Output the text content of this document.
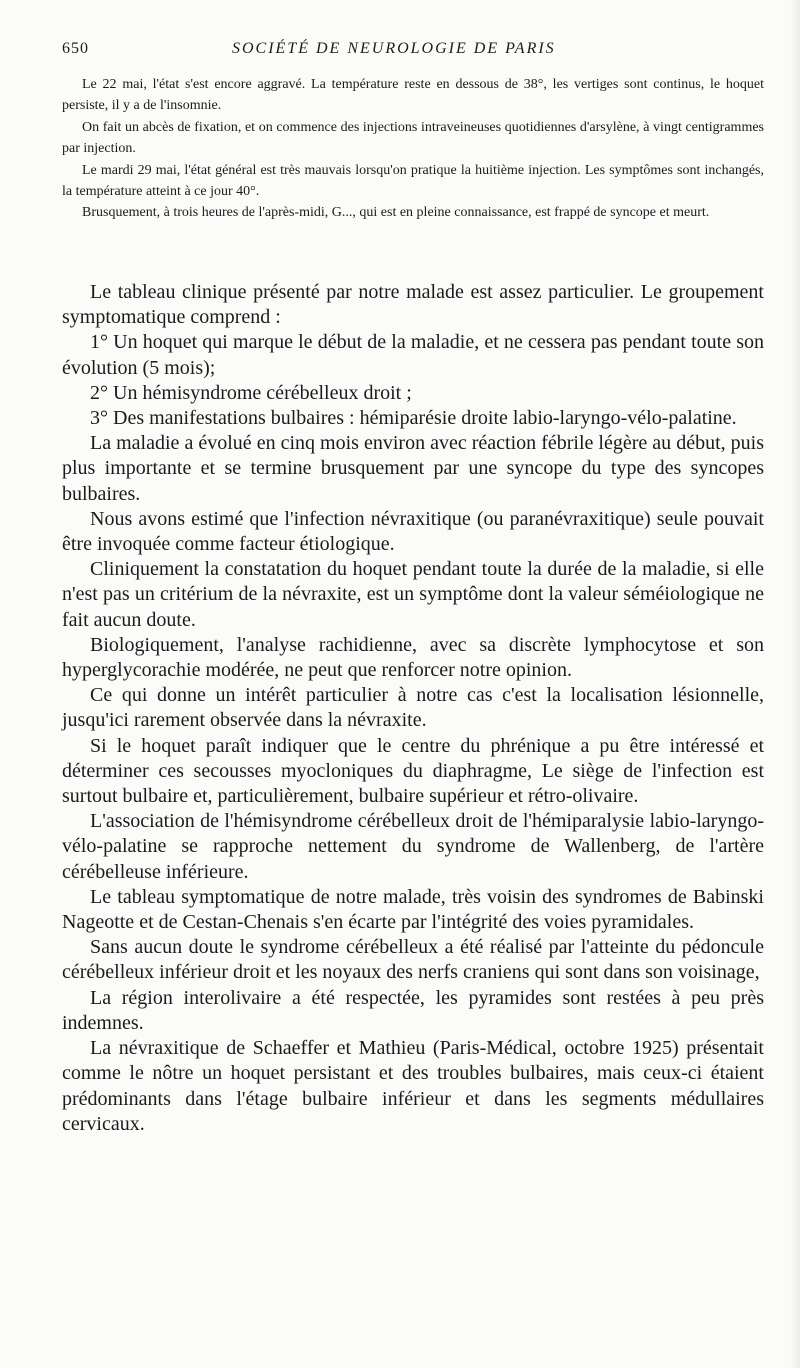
650	SOCIÉTÉ DE NEUROLOGIE DE PARIS

Le 22 mai, l'état s'est encore aggravé. La température reste en dessous de 38°, les vertiges sont continus, le hoquet persiste, il y a de l'insomnie.

On fait un abcès de fixation, et on commence des injections intraveineuses quotidiennes d'arsylène, à vingt centigrammes par injection.

Le mardi 29 mai, l'état général est très mauvais lorsqu'on pratique la huitième injection. Les symptômes sont inchangés, la température atteint à ce jour 40°.

Brusquement, à trois heures de l'après-midi, G..., qui est en pleine connaissance, est frappé de syncope et meurt.

Le tableau clinique présenté par notre malade est assez particulier. Le groupement symptomatique comprend :

1° Un hoquet qui marque le début de la maladie, et ne cessera pas pendant toute son évolution (5 mois);

2° Un hémisyndrome cérébelleux droit ;

3° Des manifestations bulbaires : hémiparésie droite labio-laryngo-vélo-palatine.

La maladie a évolué en cinq mois environ avec réaction fébrile légère au début, puis plus importante et se termine brusquement par une syncope du type des syncopes bulbaires.

Nous avons estimé que l'infection névraxitique (ou paranévraxitique) seule pouvait être invoquée comme facteur étiologique.

Cliniquement la constatation du hoquet pendant toute la durée de la maladie, si elle n'est pas un critérium de la névraxite, est un symptôme dont la valeur séméiologique ne fait aucun doute.

Biologiquement, l'analyse rachidienne, avec sa discrète lymphocytose et son hyperglycorachie modérée, ne peut que renforcer notre opinion.

Ce qui donne un intérêt particulier à notre cas c'est la localisation lésionnelle, jusqu'ici rarement observée dans la névraxite.

Si le hoquet paraît indiquer que le centre du phrénique a pu être intéressé et déterminer ces secousses myocloniques du diaphragme, Le siège de l'infection est surtout bulbaire et, particulièrement, bulbaire supérieur et rétro-olivaire.

L'association de l'hémisyndrome cérébelleux droit de l'hémiparalysie labio-laryngo-vélo-palatine se rapproche nettement du syndrome de Wallenberg, de l'artère cérébelleuse inférieure.

Le tableau symptomatique de notre malade, très voisin des syndromes de Babinski Nageotte et de Cestan-Chenais s'en écarte par l'intégrité des voies pyramidales.

Sans aucun doute le syndrome cérébelleux a été réalisé par l'atteinte du pédoncule cérébelleux inférieur droit et les noyaux des nerfs craniens qui sont dans son voisinage,

La région interolivaire a été respectée, les pyramides sont restées à peu près indemnes.

La névraxitique de Schaeffer et Mathieu (Paris-Médical, octobre 1925) présentait comme le nôtre un hoquet persistant et des troubles bulbaires, mais ceux-ci étaient prédominants dans l'étage bulbaire inférieur et dans les segments médullaires cervicaux.
